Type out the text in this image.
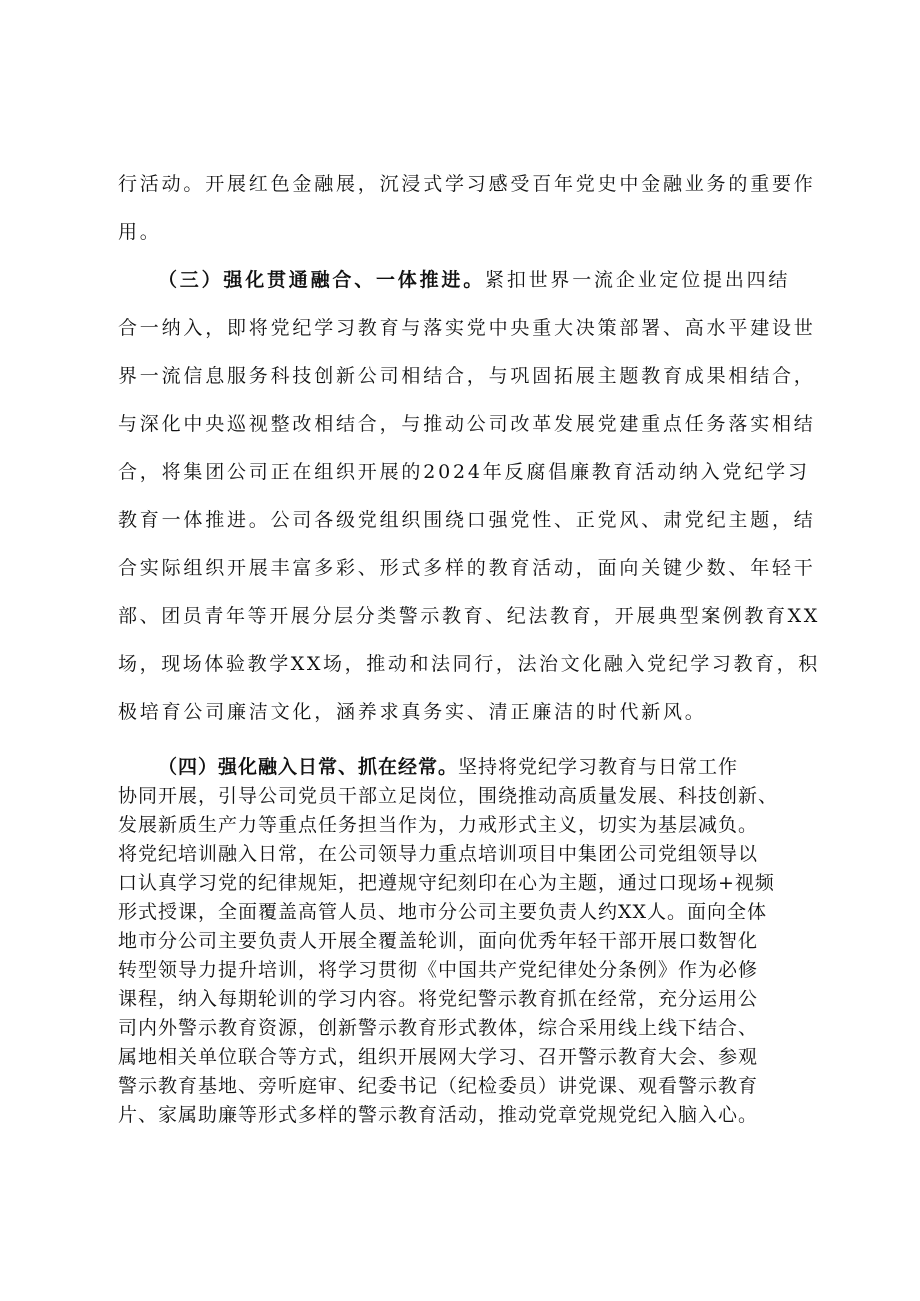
行活动。开展红色金融展，沉浸式学习感受百年党史中金融业务的重要作
用。
（三）强化贯通融合、一体推进。紧扣世界一流企业定位提出四结
合一纳入，即将党纪学习教育与落实党中央重大决策部署、高水平建设世
界一流信息服务科技创新公司相结合，与巩固拓展主题教育成果相结合，
与深化中央巡视整改相结合，与推动公司改革发展党建重点任务落实相结
合，将集团公司正在组织开展的2024年反腐倡廉教育活动纳入党纪学习
教育一体推进。公司各级党组织围绕口强党性、正党风、肃党纪主题，结
合实际组织开展丰富多彩、形式多样的教育活动，面向关键少数、年轻干
部、团员青年等开展分层分类警示教育、纪法教育，开展典型案例教育XX
场，现场体验教学XX场，推动和法同行，法治文化融入党纪学习教育，积
极培育公司廉洁文化，涵养求真务实、清正廉洁的时代新风。
（四）强化融入日常、抓在经常。坚持将党纪学习教育与日常工作
协同开展，引导公司党员干部立足岗位，围绕推动高质量发展、科技创新、
发展新质生产力等重点任务担当作为，力戒形式主义，切实为基层减负。
将党纪培训融入日常，在公司领导力重点培训项目中集团公司党组领导以
口认真学习党的纪律规矩，把遵规守纪刻印在心为主题，通过口现场+视频
形式授课，全面覆盖高管人员、地市分公司主要负责人约XX人。面向全体
地市分公司主要负责人开展全覆盖轮训，面向优秀年轻干部开展口数智化
转型领导力提升培训，将学习贯彻《中国共产党纪律处分条例》作为必修
课程，纳入每期轮训的学习内容。将党纪警示教育抓在经常，充分运用公
司内外警示教育资源，创新警示教育形式教体，综合采用线上线下结合、
属地相关单位联合等方式，组织开展网大学习、召开警示教育大会、参观
警示教育基地、旁听庭审、纪委书记（纪检委员）讲党课、观看警示教育
片、家属助廉等形式多样的警示教育活动，推动党章党规党纪入脑入心。
